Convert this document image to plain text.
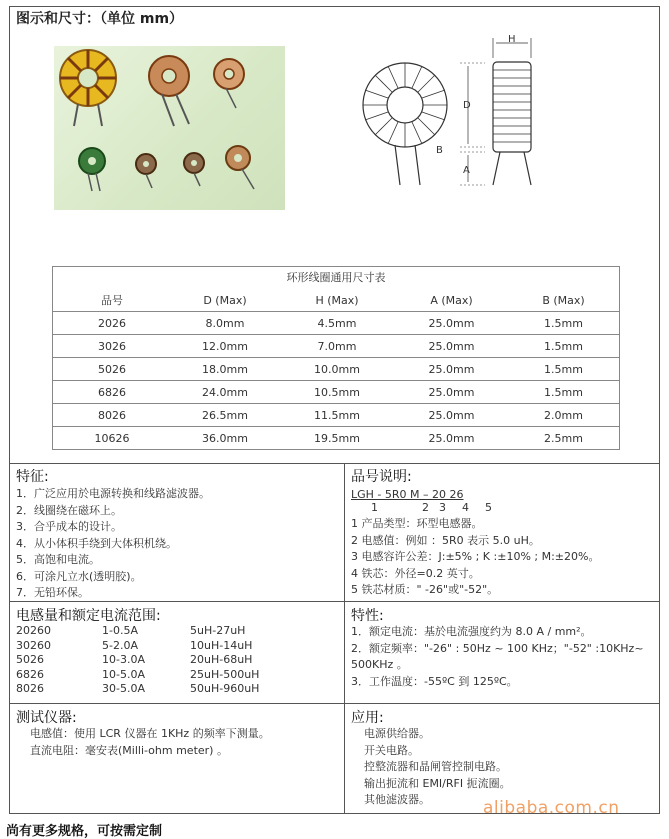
图示和尺寸：（单位 mm）
H
D
B
A
环形线圈通用尺寸表
品号	D (Max)	H (Max)	A (Max)	B (Max)
2026	8.0mm	4.5mm	25.0mm	1.5mm
3026	12.0mm	7.0mm	25.0mm	1.5mm
5026	18.0mm	10.0mm	25.0mm	1.5mm
6826	24.0mm	10.5mm	25.0mm	1.5mm
8026	26.5mm	11.5mm	25.0mm	2.0mm
10626	36.0mm	19.5mm	25.0mm	2.5mm
特征:
1．广泛应用於电源转换和线路滤波器。
2．线圈绕在磁环上。
3．合乎成本的设计。
4．从小体积手绕到大体积机绕。
5．高饱和电流。
6．可涂凡立水(透明胶)。
7．无铅环保。
品号说明:
LGH - 5R0 M – 20 26
1	2 3 4 5
1 产品类型：环型电感器。
2 电感值：例如 ：5R0 表示 5.0 uH。
3 电感容许公差：J:±5% ; K :±10% ; M:±20%。
4 铁芯：外径=0.2 英寸。
5 铁芯材质：" -26"或"-52"。
电感量和额定电流范围:
20260	1-0.5A	5uH-27uH
30260	5-2.0A	10uH-14uH
5026	10-3.0A	20uH-68uH
6826	10-5.0A	25uH-500uH
8026	30-5.0A	50uH-960uH
特性:
1．额定电流：基於电流强度约为 8.0 A / mm²。
2．额定频率："-26" : 50Hz ~ 100 KHz；"-52" :10KHz~
500KHz 。
3．工作温度：-55ºC 到 125ºC。
测试仪器:
电感值：使用 LCR 仪器在 1KHz 的频率下测量。
直流电阻：毫安表(Milli-ohm meter) 。
应用:
电源供给器。
开关电路。
控整流器和晶闸管控制电路。
输出扼流和 EMI/RFI 扼流圈。
其他滤波器。	alibaba.com.cn
尚有更多规格，可按需定制
